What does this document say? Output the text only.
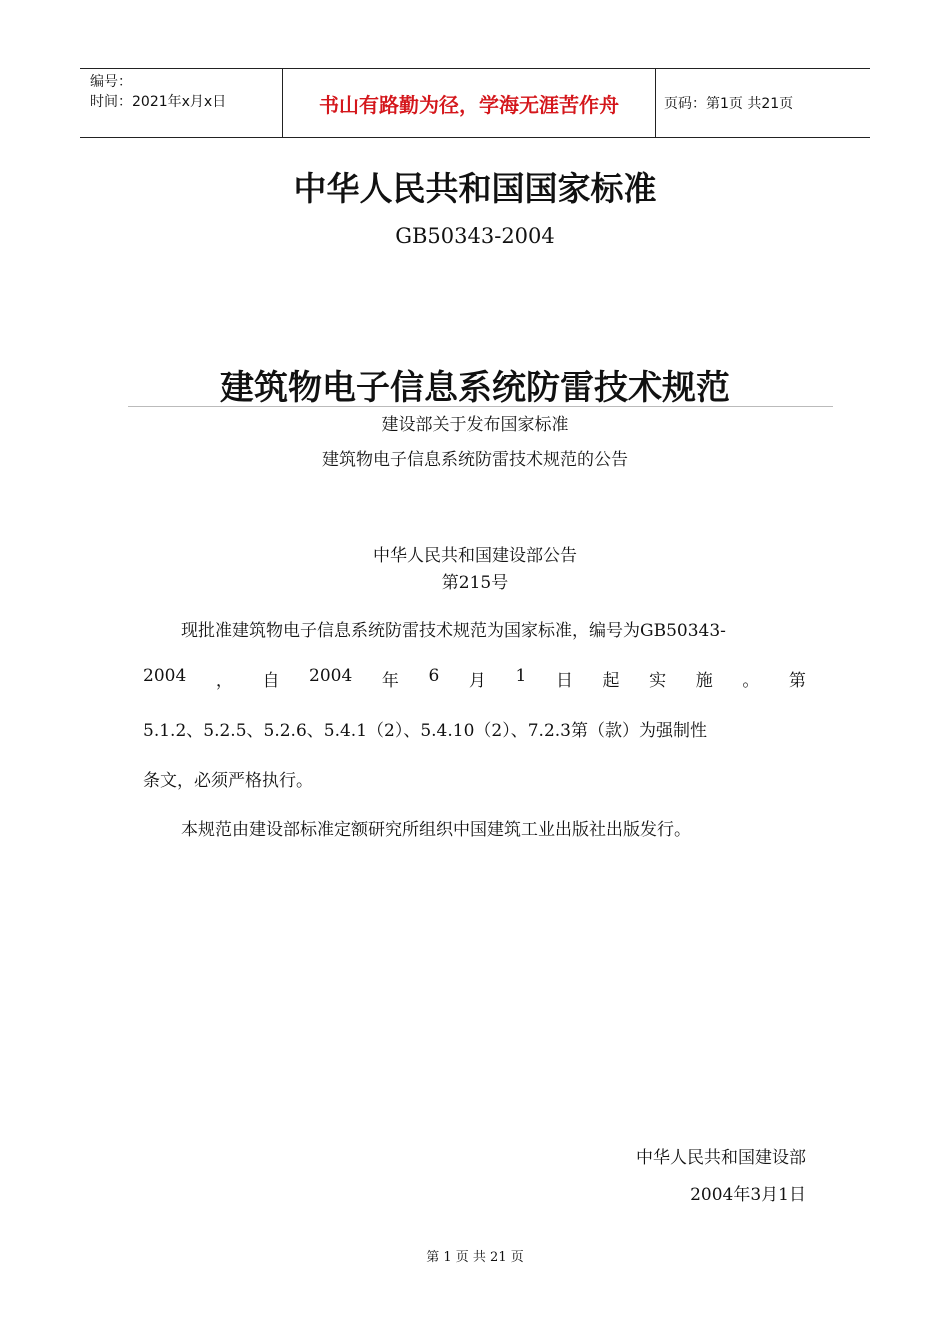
编号：
时间：2021年x月x日	书山有路勤为径，学海无涯苦作舟	页码：第1页 共21页
中华人民共和国国家标准
GB50343-2004
建筑物电子信息系统防雷技术规范
建设部关于发布国家标准
建筑物电子信息系统防雷技术规范的公告
中华人民共和国建设部公告
第215号
现批准建筑物电子信息系统防雷技术规范为国家标准，编号为GB50343-
2004 ， 自 2004 年 6 月 1 日 起 实 施 。 第
5.1.2、5.2.5、5.2.6、5.4.1（2）、5.4.10（2）、7.2.3第（款）为强制性
条文，必须严格执行。
本规范由建设部标准定额研究所组织中国建筑工业出版社出版发行。
中华人民共和国建设部
2004年3月1日
第 1 页 共 21 页
